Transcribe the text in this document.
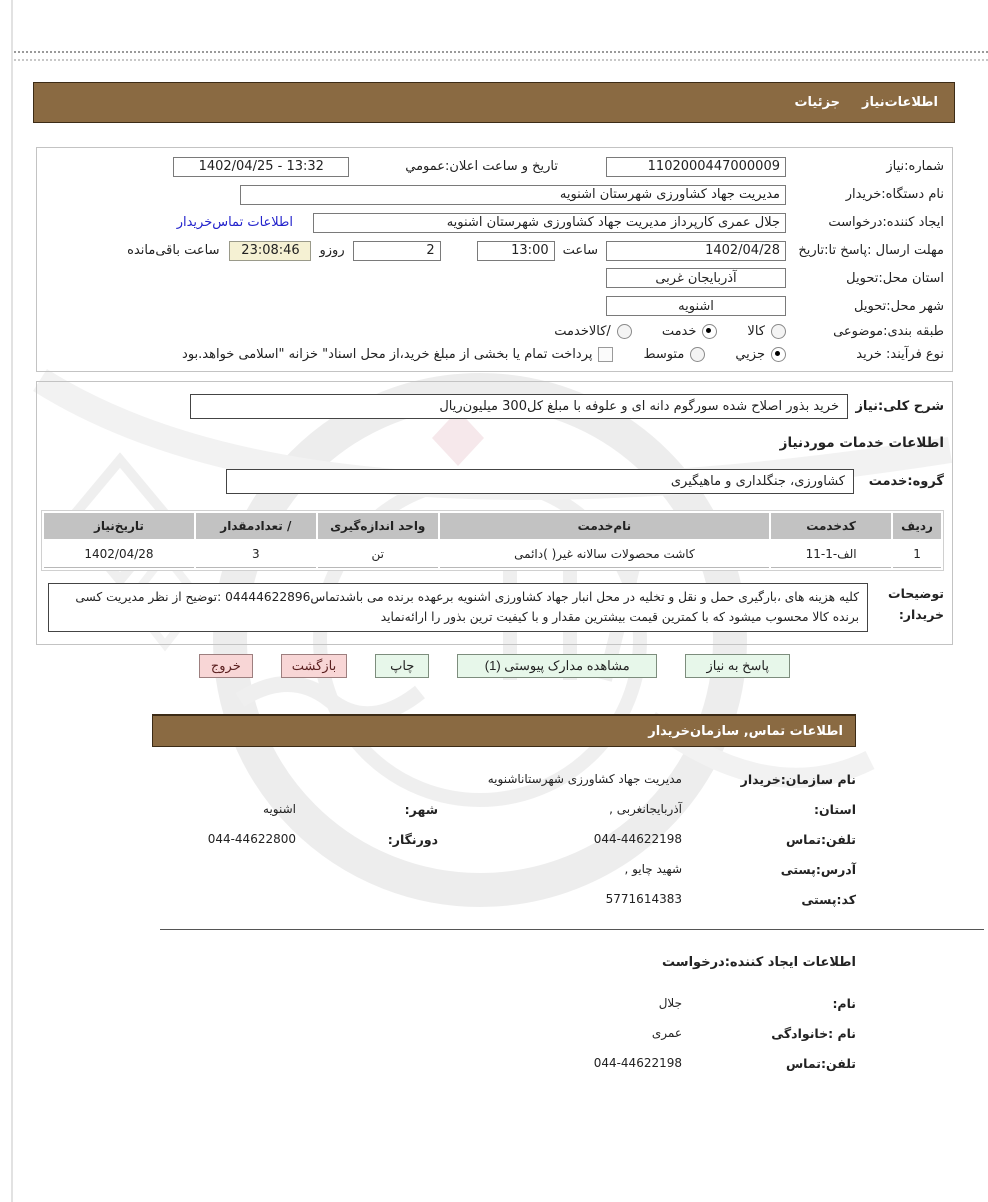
اطلاعات‌نیاز
جزئیات
شماره:نیاز
1102000447000009
تاریخ و ساعت اعلان:عمومي
1402/04/25 - 13:32
نام دستگاه:خریدار
مدیریت جهاد کشاورزی شهرستان اشنویه
ایجاد کننده:درخواست
جلال عمری کارپرداز مدیریت جهاد کشاورزی شهرستان اشنویه
اطلاعات تماس‌خریدار
مهلت ارسال :پاسخ تا:تاریخ
1402/04/28
ساعت
13:00
2
روزو
23:08:46
ساعت باقی‌مانده
استان محل:تحویل
آذربایجان غربی
شهر محل:تحویل
اشنویه
طبقه بندی:موضوعی
کالا
خدمت
/کالاخدمت
نوع فرآیند: خرید
جزيي
متوسط
پرداخت تمام یا بخشی از مبلغ خرید،از محل اسناد" خزانه "اسلامی خواهد.بود
شرح کلی:نیاز
خرید بذور اصلاح شده سورگوم دانه ای و علوفه با مبلغ کل300 میلیون‌ریال
اطلاعات خدمات موردنیاز
گروه:خدمت
کشاورزی، جنگلداری و ماهیگیری
ردیف	کدخدمت	نام‌خدمت	واحد اندازه‌گیری	/ تعدادمقدار	تاریخ‌نیاز
1	الف-1-11	کاشت محصولات سالانه غیر( )دائمی	تن	3	1402/04/28
توضیحات
خریدار:
کلیه هزینه های ،بارگیری حمل و نقل و تخلیه در محل انبار جهاد کشاورزی اشنویه برعهده برنده می باشدتماس04444622896 :توضیح از نظر مدیریت کسی برنده کالا محسوب میشود که با کمترین قیمت بیشترین مقدار و با کیفیت ترین بذور را ارائه‌نماید
پاسخ به نیاز
مشاهده مدارک پیوستی (1)
چاپ
بازگشت
خروج
اطلاعات تماس, سازمان‌خریدار
نام سازمان:خریدار
مدیریت جهاد کشاورزی شهرستاناشنویه
استان:
آذربایجانغربی ,
شهر:
اشنویه
تلفن:تماس
044-44622198
دورنگار:
044-44622800
آدرس:پستی
شهید چایو ,
کد:پستی
5771614383
اطلاعات ایجاد کننده:درخواست
نام:
جلال
نام :خانوادگی
عمری
تلفن:تماس
044-44622198
